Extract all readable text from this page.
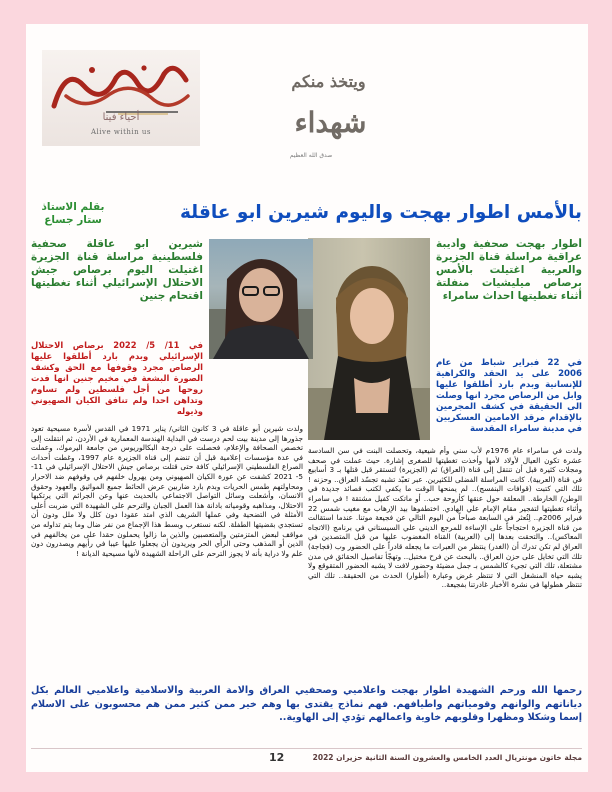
أحياء فينا
Alive within us
ويتخذ منكم
شهداء
صدق الله العظيم
بقلم الاستاذ
ستار جساع	بالأمس اطوار بهجت واليوم شيرين ابو عاقلة

أطوار بهجت صحفية وأديبة عراقية مراسلة قناة الجزيرة والعربية اغتيلت بالأمس برصاص ميليشيات منفلتة أثناء تغطيتها احداث سامراء

في 22 فبراير شباط من عام 2006 على يد الحقد والكراهية للإنسانية وبدم بارد أطلقوا عليها وابل من الرصاص مجرد انها وصلت الى الحقيقة في كشف المجرمين بالإقدام مرقد الامامين العسكريين في مدينة سامراء المقدسة

شيرين ابو عاقلة صحفية فلسطينية مراسلة قناة الجزيرة اغتيلت اليوم برصاص جيش الاحتلال الإسرائيلي أثناء تغطيتها اقتحام جنين

في 11/ 5/ 2022 برصاص الاحتلال الإسرائيلي وبدم بارد أطلقوا عليها الرصاص مجرد وقوفها مع الحق وكشف الصورة البشعة في مخيم جنين انها فدت روحها من أجل فلسطين ولم تساوم وتداهن احدا ولم تنافق الكيان الصهيوني وذيوله

ولدت شيرين أبو عاقلة في 3 كانون الثاني/ يناير 1971 في القدس لأسرة مسيحية تعود جذورها إلى مدينة بيت لحم درست في البداية الهندسة المعمارية في الأردن، ثم انتقلت إلى تخصص الصحافة والإعلام، فحصلت على درجة البكالوريوس من جامعة اليرموك، وعملت في عدة مؤسسات إعلامية قبل أن تنضم إلى قناة الجزيرة عام 1997، وغطت أحداث الصراع الفلسطيني الإسرائيلي كافة حتى قتلت برصاص جيش الاحتلال الإسرائيلي في 11- 5- 2021 كشفت عن عورة الكيان الصهيوني ومن يهرول خلفهم في وقوفهم ضد الاحرار ومحاولتهم طمس الحريات وبدم بارد ضاربين عرض الحائط جميع المواثيق والعهود وحقوق الانسان، وأشعلت وسائل التواصل الاجتماعي بالحديث عنها وعن الجرائم التي يرتكبها الاحتلال، ومذاهبه وقومياته بادانة هذا العمل الجبان والترحم على الشهيدة التي ضربت أعلى الأمثلة في التضحية وفي عملها الشريف الذي امتد عقودا دون كلل ولا ملل ودون أن تستجدي بقضيتها الطفلة. لكنه نستغرب وبسط هذا الإجماع من نفر ضال وما يتم تداوله من مواقف لبعض المتزمتين والمتعصبين والذين ما زالوا يحملون حقدا على من يخالفهم في الدين أو المذهب وحتى الرأي الحر ويريدون أن يجعلوا عليها عيبا في رأيهم ويصدرون دون علم ولا دراية بأنه لا يجوز الترحم على الراحلة الشهيدة لأنها مسيحية الديانة !

ولدت في سامراء عام 1976م لأب سني وأم شيعية، وتحصلت البنت في سن السادسة عشرة تكون العيال لأولاد لأمها وأخذت تغطيتها للصغرى إشارة. حيث عملت في صحف ومجلات كثيرة قبل أن تنتقل إلى قناة (العراق) ثم (الجزيرة) لتستقر قبل قتلها بـ 3 أسابيع في قناة (العربية). كانت المراسلة الفضلى للكثيرين. عبر تعبّد تشبه تجسّد العراق.. وحزنه ! تلك التي كتبت (قوافات البنفسج).. لم يمنحها الوقت ما يكفي لكتب قصائد جديدة في الوطن/ الخارطة.. المعلقة حول عنقها كأروحة حب.. أو ماتكت كفيل مشتقة ! في سامراء وأثناء تغطيتها لتفجير مقام الإمام علي الهادي. اختطفوها بيد الإرهاب مع مغيب شمس 22 فبراير 2006م.. لِتُعثر في السابعة صباحاً من اليوم التالي عن فجيعة موتنا. عندما استقالت من قناة الجزيرة احتجاجاً على الإساءة للمرجع الديني علي السيستاني في برنامج (الاتجاه المعاكس).. والتحقت بعدها إلى (العربية) القناة المغضوب عليها من قبل المتصدين في العراق لم تكن تدرك أن (الغدر) ينتظر من العبرات ما يجعله قادراً على الحضور وب (فجاجة) تلك التي تخايل على حزن العراق.. بالبحث عن فرح مختبل.. وتهجّأ تفاصيل الحقائق في مدن مشتعلة، تلك التي تجيء كالشمس بـ جمل مضيئة وحضور لافت لا يشبه الحضور المتقوقع ولا يشبه حياة المنشغل التي لا تنتظر غرض وعبارة (أطوار) الحدث من الحقيقة.. تلك التي تنتظر هطولها في نشرة الأخبار غادرتنا بفجيعة..

رحمها الله ورحم الشهيدة اطوار بهجت واعلاميي وصحفيي العراق والامة العربية والاسلامية واعلاميي العالم بكل دياناتهم والوانهم وقومياتهم واطيافهم. فهم نماذج يقتدى بها وهم خير ممن كثير ممن هم محسوبون على الاسلام إسما وشكلا ومظهرا وقلوبهم خاوية واعمالهم تؤدي إلى الهاوية..

12	مجلة خاتون مونتريال العدد الخامس والعشرون السنة الثانية حزيران 2022
